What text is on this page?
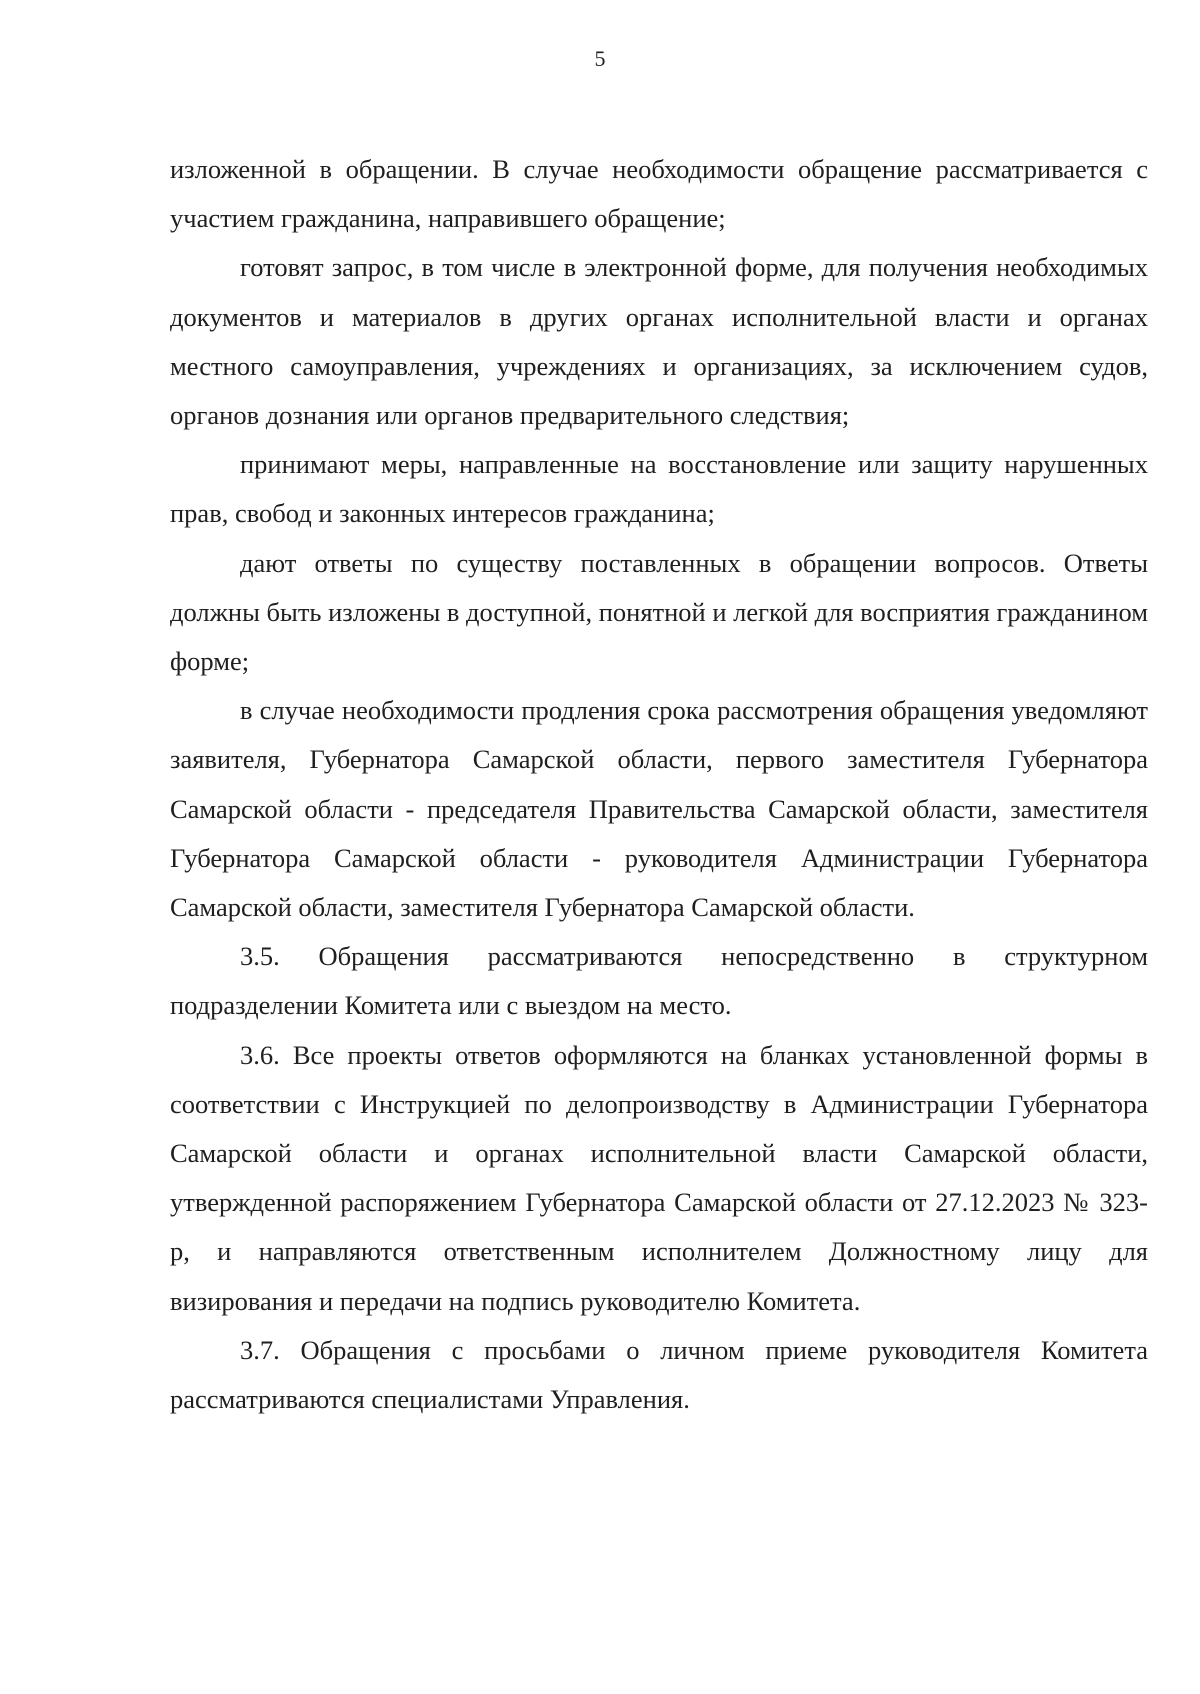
5

изложенной в обращении. В случае необходимости обращение рассматривается с участием гражданина, направившего обращение;

готовят запрос, в том числе в электронной форме, для получения необходимых документов и материалов в других органах исполнительной власти и органах местного самоуправления, учреждениях и организациях, за исключением судов, органов дознания или органов предварительного следствия;

принимают меры, направленные на восстановление или защиту нарушенных прав, свобод и законных интересов гражданина;

дают ответы по существу поставленных в обращении вопросов. Ответы должны быть изложены в доступной, понятной и легкой для восприятия гражданином форме;

в случае необходимости продления срока рассмотрения обращения уведомляют заявителя, Губернатора Самарской области, первого заместителя Губернатора Самарской области - председателя Правительства Самарской области, заместителя Губернатора Самарской области - руководителя Администрации Губернатора Самарской области, заместителя Губернатора Самарской области.

3.5. Обращения рассматриваются непосредственно в структурном подразделении Комитета или с выездом на место.

3.6. Все проекты ответов оформляются на бланках установленной формы в соответствии с Инструкцией по делопроизводству в Администрации Губернатора Самарской области и органах исполнительной власти Самарской области, утвержденной распоряжением Губернатора Самарской области от 27.12.2023 № 323-р, и направляются ответственным исполнителем Должностному лицу для визирования и передачи на подпись руководителю Комитета.

3.7. Обращения с просьбами о личном приеме руководителя Комитета рассматриваются специалистами Управления.
